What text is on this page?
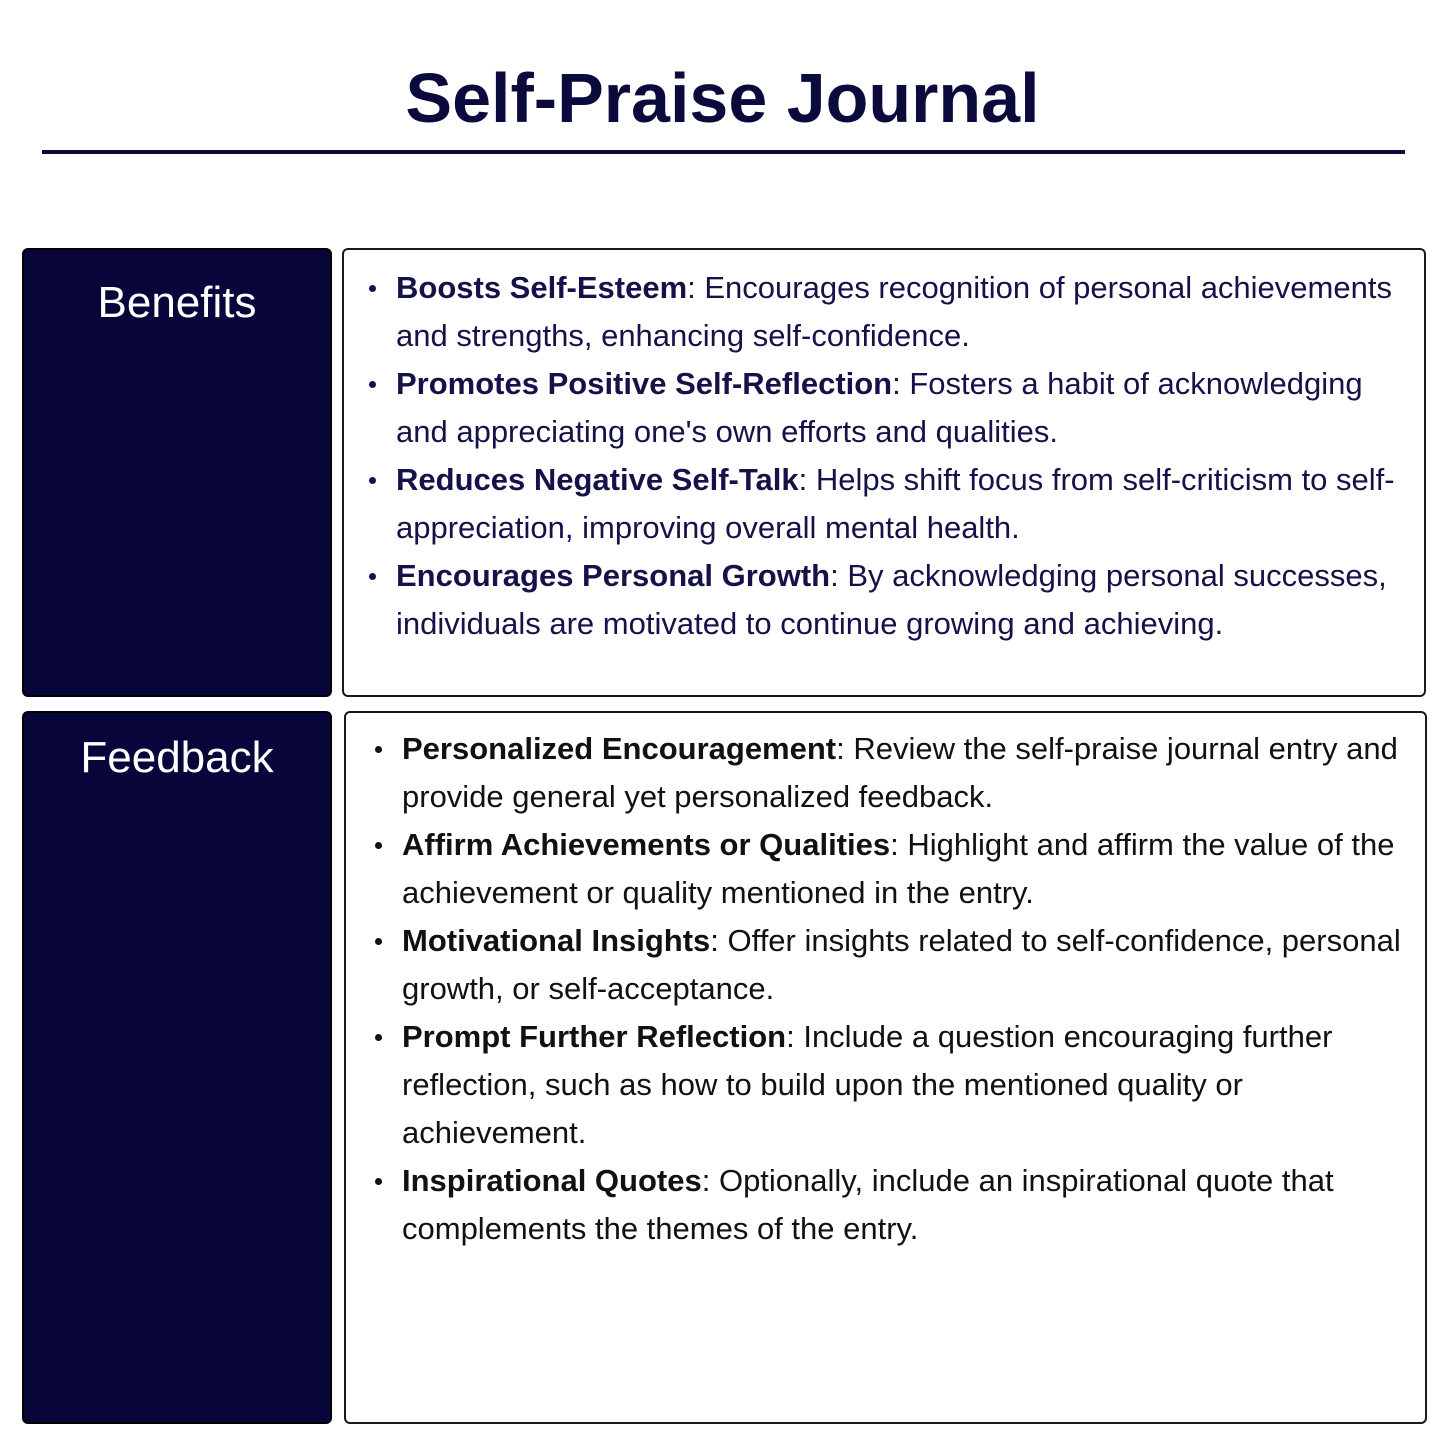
Self-Praise Journal
Benefits	Boosts Self-Esteem: Encourages recognition of personal achievements and strengths, enhancing self-confidence.
Promotes Positive Self-Reflection: Fosters a habit of acknowledging and appreciating one's own efforts and qualities.
Reduces Negative Self-Talk: Helps shift focus from self-criticism to self-appreciation, improving overall mental health.
Encourages Personal Growth: By acknowledging personal successes, individuals are motivated to continue growing and achieving.
Feedback	Personalized Encouragement: Review the self-praise journal entry and provide general yet personalized feedback.
Affirm Achievements or Qualities: Highlight and affirm the value of the achievement or quality mentioned in the entry.
Motivational Insights: Offer insights related to self-confidence, personal growth, or self-acceptance.
Prompt Further Reflection: Include a question encouraging further reflection, such as how to build upon the mentioned quality or achievement.
Inspirational Quotes: Optionally, include an inspirational quote that complements the themes of the entry.
